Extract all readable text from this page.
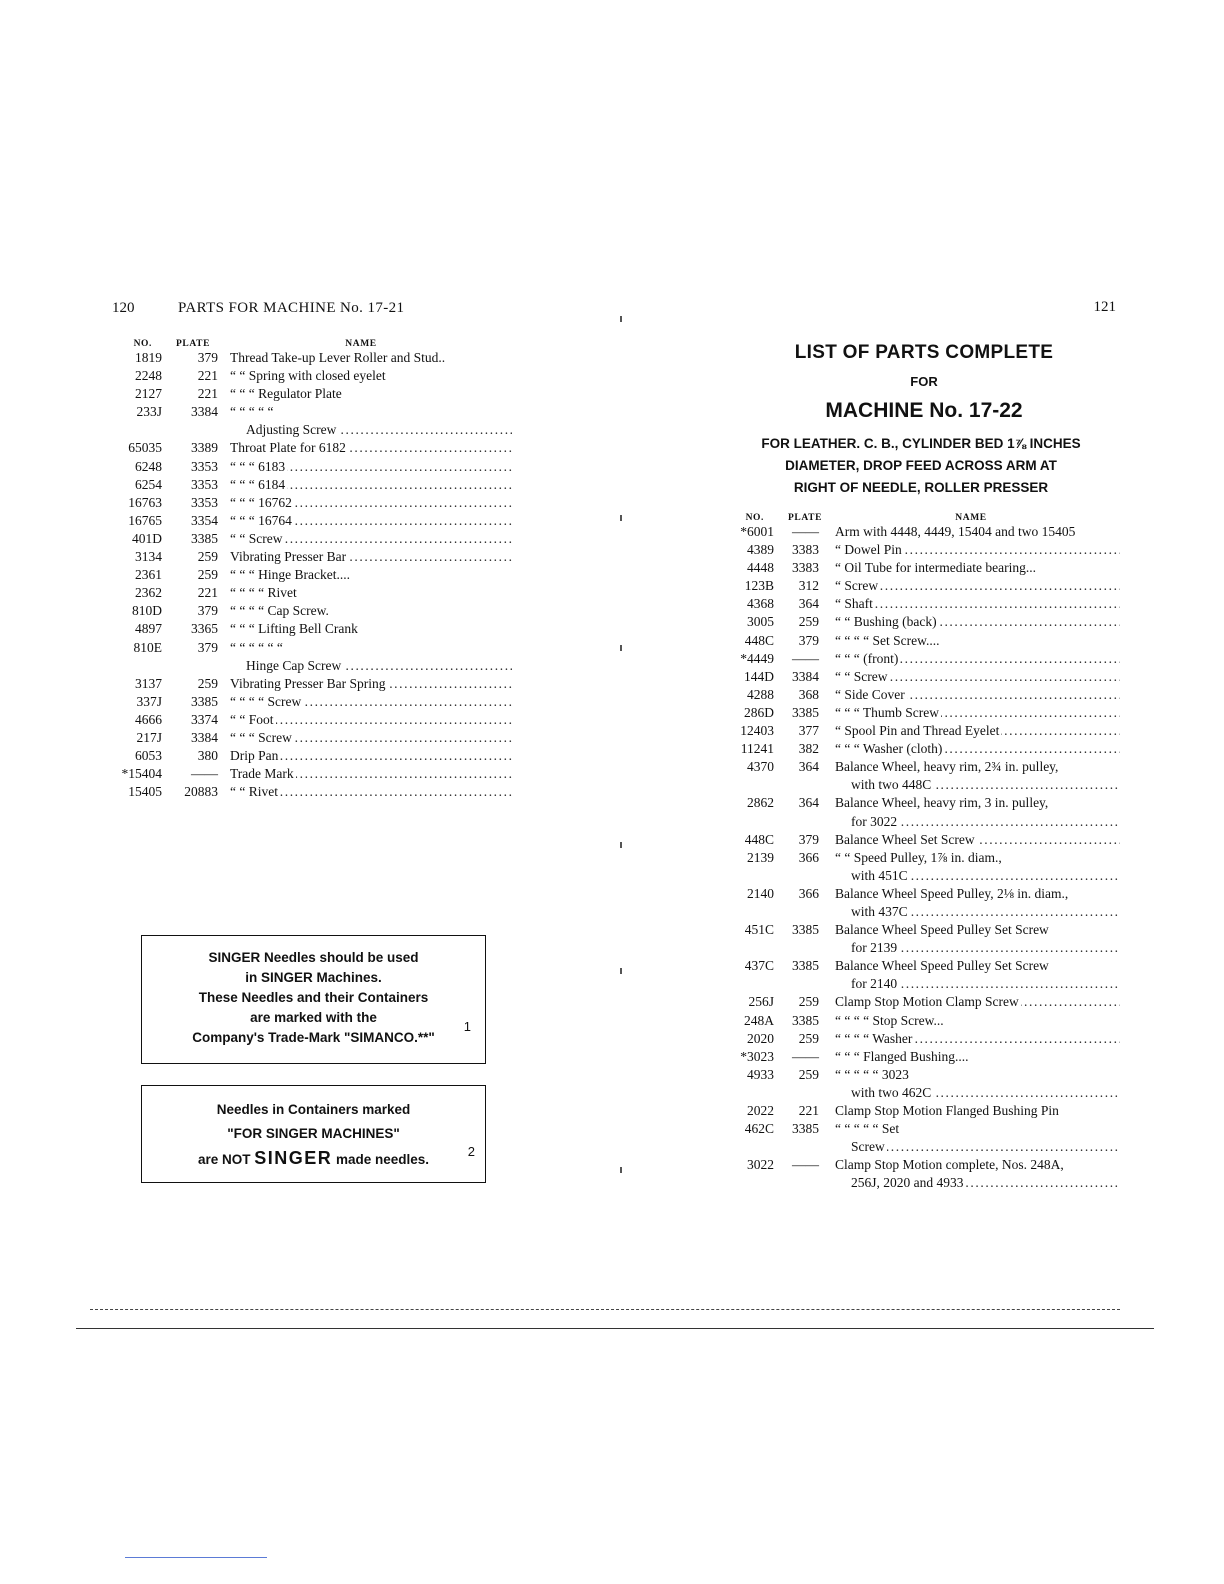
120	PARTS FOR MACHINE No. 17-21
NO.	PLATE	NAME
1819	379 Thread Take-up Lever Roller and Stud..
2248	221 “ “ Spring with closed eyelet
2127	221 “ “ “ Regulator Plate
233J	3384 “ “ “ “ “
Adjusting Screw .....
65035	3389 Throat Plate for 6182 .....
6248	3353 “ “ “ 6183 .....
6254	3353 “ “ “ 6184 .....
16763	3353 “ “ “ 16762 .....
16765	3354 “ “ “ 16764 .....
401D	3385 “ “ Screw .....
3134	259 Vibrating Presser Bar .....
2361	259 “ “ “ Hinge Bracket....
2362	221 “ “ “ “ Rivet
810D	379 “ “ “ “ Cap Screw.
4897	3365 “ “ “ Lifting Bell Crank
810E	379 “ “ “ “ “ “
Hinge Cap Screw .....
3137	259 Vibrating Presser Bar Spring .....
337J	3385 “ “ “ “ Screw .....
4666	3374 “ “ Foot .....
217J	3384 “ “ “ Screw .....
6053	380 Drip Pan .....
*15404	—— Trade Mark .....
15405	20883 “ “ Rivet .....

SINGER Needles should be used

in SINGER Machines.

These Needles and their Containers

are marked with the

Company's Trade-Mark "SIMANCO.**"

1

Needles in Containers marked

"FOR SINGER MACHINES"

are NOT SINGER made needles.

2
121
LIST OF PARTS COMPLETE
FOR
MACHINE No. 17-22
FOR LEATHER. C. B., CYLINDER BED 1⅞ INCHES
DIAMETER, DROP FEED ACROSS ARM AT
RIGHT OF NEEDLE, ROLLER PRESSER
NO.	PLATE	NAME
*6001	—— Arm with 4448, 4449, 15404 and two 15405
4389	3383 “ Dowel Pin .....
4448	3383 “ Oil Tube for intermediate bearing...
123B	312 “ Screw .....
4368	364 “ Shaft .....
3005	259 “ “ Bushing (back) .....
448C	379 “ “ “ “ Set Screw....
*4449	—— “ “ “ (front) .....
144D	3384 “ “ Screw .....
4288	368 “ Side Cover .....
286D	3385 “ “ “ Thumb Screw .....
12403	377 “ Spool Pin and Thread Eyelet .....
11241	382 “ “ “ Washer (cloth) .....
4370	364 Balance Wheel, heavy rim, 2¾ in. pulley,
with two 448C .....
2862	364 Balance Wheel, heavy rim, 3 in. pulley,
for 3022 .....
448C	379 Balance Wheel Set Screw .....
2139	366 “ “ Speed Pulley, 1⅞ in. diam.,
with 451C .....
2140	366 Balance Wheel Speed Pulley, 2⅛ in. diam.,
with 437C .....
451C	3385 Balance Wheel Speed Pulley Set Screw
for 2139 .....
437C	3385 Balance Wheel Speed Pulley Set Screw
for 2140 .....
256J	259 Clamp Stop Motion Clamp Screw .....
248A	3385 “ “ “ “ Stop Screw...
2020	259 “ “ “ “ Washer .....
*3023	—— “ “ “ Flanged Bushing....
4933	259 “ “ “ “ “ 3023
with two 462C .....
2022	221 Clamp Stop Motion Flanged Bushing Pin
462C	3385 “ “ “ “ “ Set
Screw .....
3022	—— Clamp Stop Motion complete, Nos. 248A,
256J, 2020 and 4933 .....
